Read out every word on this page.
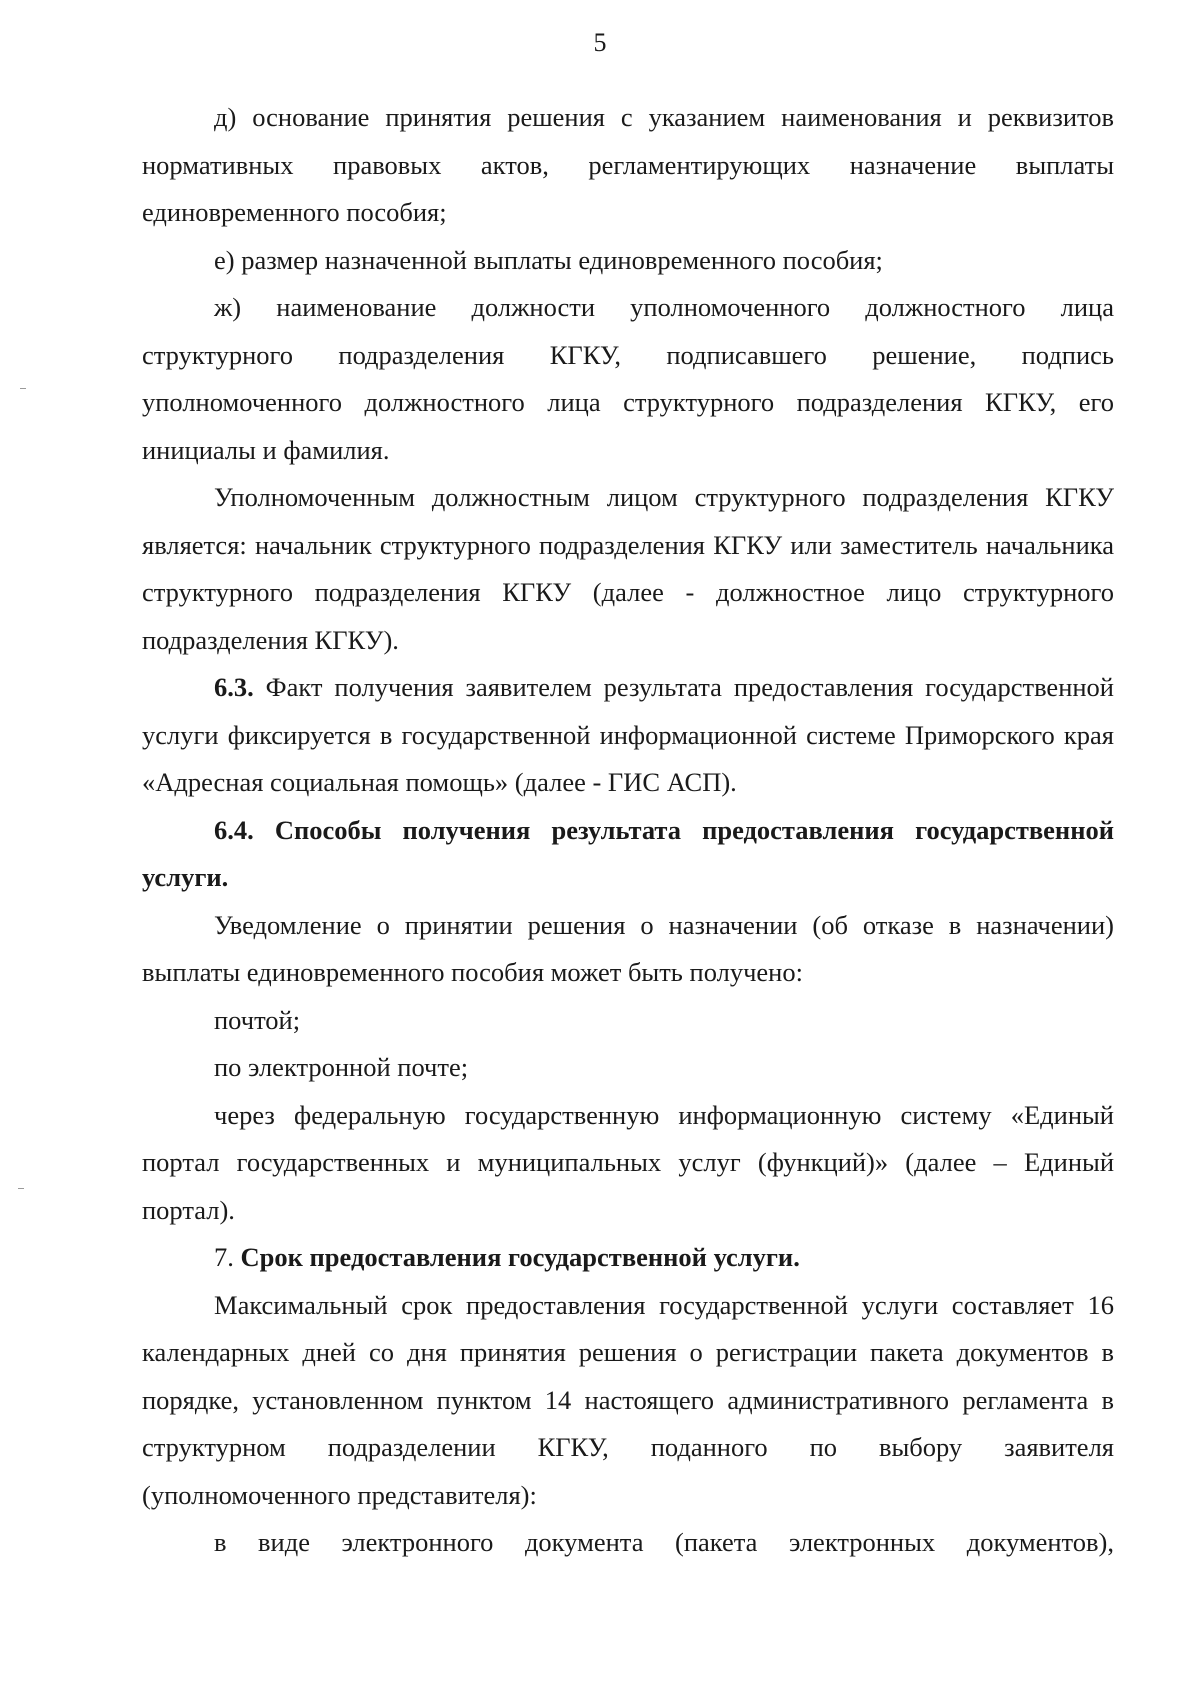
5

д) основание принятия решения с указанием наименования и реквизитов нормативных правовых актов, регламентирующих назначение выплаты единовременного пособия;

е) размер назначенной выплаты единовременного пособия;

ж) наименование должности уполномоченного должностного лица структурного подразделения КГКУ, подписавшего решение, подпись уполномоченного должностного лица структурного подразделения КГКУ, его инициалы и фамилия.

Уполномоченным должностным лицом структурного подразделения КГКУ является: начальник структурного подразделения КГКУ или заместитель начальника структурного подразделения КГКУ (далее - должностное лицо структурного подразделения КГКУ).

6.3. Факт получения заявителем результата предоставления государственной услуги фиксируется в государственной информационной системе Приморского края «Адресная социальная помощь» (далее - ГИС АСП).

6.4. Способы получения результата предоставления государственной услуги.

Уведомление о принятии решения о назначении (об отказе в назначении) выплаты единовременного пособия может быть получено:

почтой;

по электронной почте;

через федеральную государственную информационную систему «Единый портал государственных и муниципальных услуг (функций)» (далее – Единый портал).

7. Срок предоставления государственной услуги.

Максимальный срок предоставления государственной услуги составляет 16 календарных дней со дня принятия решения о регистрации пакета документов в порядке, установленном пунктом 14 настоящего административного регламента в структурном подразделении КГКУ, поданного по выбору заявителя (уполномоченного представителя):

в виде электронного документа (пакета электронных документов),
